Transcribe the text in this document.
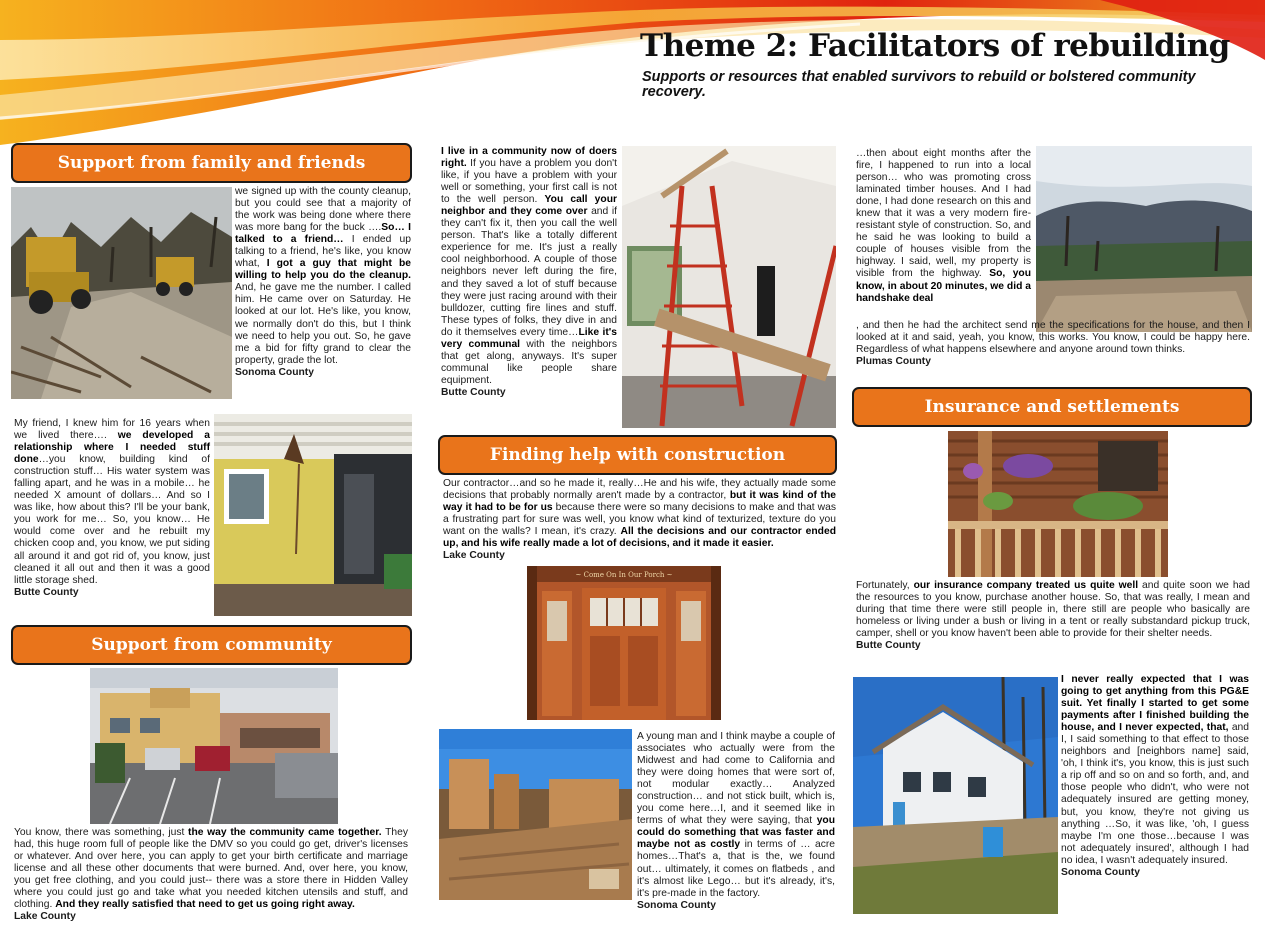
Theme 2: Facilitators of rebuilding
Supports or resources that enabled survivors to rebuild or bolstered community recovery.
Support from family and friends
we signed up with the county cleanup, but you could see that a majority of the work was being done where there was more bang for the buck ….So… I talked to a friend… I ended up talking to a friend, he's like, you know what, I got a guy that might be willing to help you do the cleanup. And, he gave me the number. I called him. He came over on Saturday. He looked at our lot. He's like, you know, we normally don't do this, but I think we need to help you out. So, he gave me a bid for fifty grand to clear the property, grade the lot.
Sonoma County
My friend, I knew him for 16 years when we lived there…. we developed a relationship where I needed stuff done…you know, building kind of construction stuff… His water system was falling apart, and he was in a mobile… he needed X amount of dollars… And so I was like, how about this? I'll be your bank, you work for me… So, you know… He would come over and he rebuilt my chicken coop and, you know, we put siding all around it and got rid of, you know, just cleaned it all out and then it was a good little storage shed.
Butte County
Support from community
You know, there was something, just the way the community came together. They had, this huge room full of people like the DMV so you could go get, driver's licenses or whatever. And over here, you can apply to get your birth certificate and marriage license and all these other documents that were burned. And, over here, you know, you get free clothing, and you could just-- there was a store there in Hidden Valley where you could just go and take what you needed kitchen utensils and stuff, and clothing. And they really satisfied that need to get us going right away.
Lake County
I live in a community now of doers right. If you have a problem you don't like, if you have a problem with your well or something, your first call is not to the well person. You call your neighbor and they come over and if they can't fix it, then you call the well person. That's like a totally different experience for me. It's just a really cool neighborhood. A couple of those neighbors never left during the fire, and they saved a lot of stuff because they were just racing around with their bulldozer, cutting fire lines and stuff. These types of folks, they dive in and do it themselves every time…Like it's very communal with the neighbors that get along, anyways. It's super communal like people share equipment.
Butte County
Finding help with construction
Our contractor…and so he made it, really…He and his wife, they actually made some decisions that probably normally aren't made by a contractor, but it was kind of the way it had to be for us because there were so many decisions to make and that was a frustrating part for sure was well, you know what kind of texturized, texture do you want on the walls? I mean, it's crazy. All the decisions and our contractor ended up, and his wife really made a lot of decisions, and it made it easier.
Lake County
~ Come On In Our Porch ~
A young man and I think maybe a couple of associates who actually were from the Midwest and had come to California and they were doing homes that were sort of, not modular exactly… Analyzed construction… and not stick built, which is, you come here…I, and it seemed like in terms of what they were saying, that you could do something that was faster and maybe not as costly in terms of … acre homes…That's a, that is the, we found out… ultimately, it comes on flatbeds , and it's almost like Lego… but it's already, it's, it's pre-made in the factory.
Sonoma County
…then about eight months after the fire, I happened to run into a local person… who was promoting cross laminated timber houses. And I had done, I had done research on this and knew that it was a very modern fire-resistant style of construction. So, and he said he was looking to build a couple of houses visible from the highway. I said, well, my property is visible from the highway. So, you know, in about 20 minutes, we did a handshake deal
, and then he had the architect send me the specifications for the house, and then I looked at it and said, yeah, you know, this works. You know, I could be happy here. Regardless of what happens elsewhere and anyone around town thinks.
Plumas County
Insurance and settlements
Fortunately, our insurance company treated us quite well and quite soon we had the resources to you know, purchase another house. So, that was really, I mean and during that time there were still people in, there still are people who basically are homeless or living under a bush or living in a tent or really substandard pickup truck, camper, shell or you know haven't been able to provide for their shelter needs.
Butte County
I never really expected that I was going to get anything from this PG&E suit. Yet finally I started to get some payments after I finished building the house, and I never expected, that, and I, I said something to that effect to those neighbors and [neighbors name] said, 'oh, I think it's, you know, this is just such a rip off and so on and so forth, and, and those people who didn't, who were not adequately insured are getting money, but, you know, they're not giving us anything …So, it was like, 'oh, I guess maybe I'm one those…because I was not adequately insured', although I had no idea, I wasn't adequately insured.
Sonoma County
